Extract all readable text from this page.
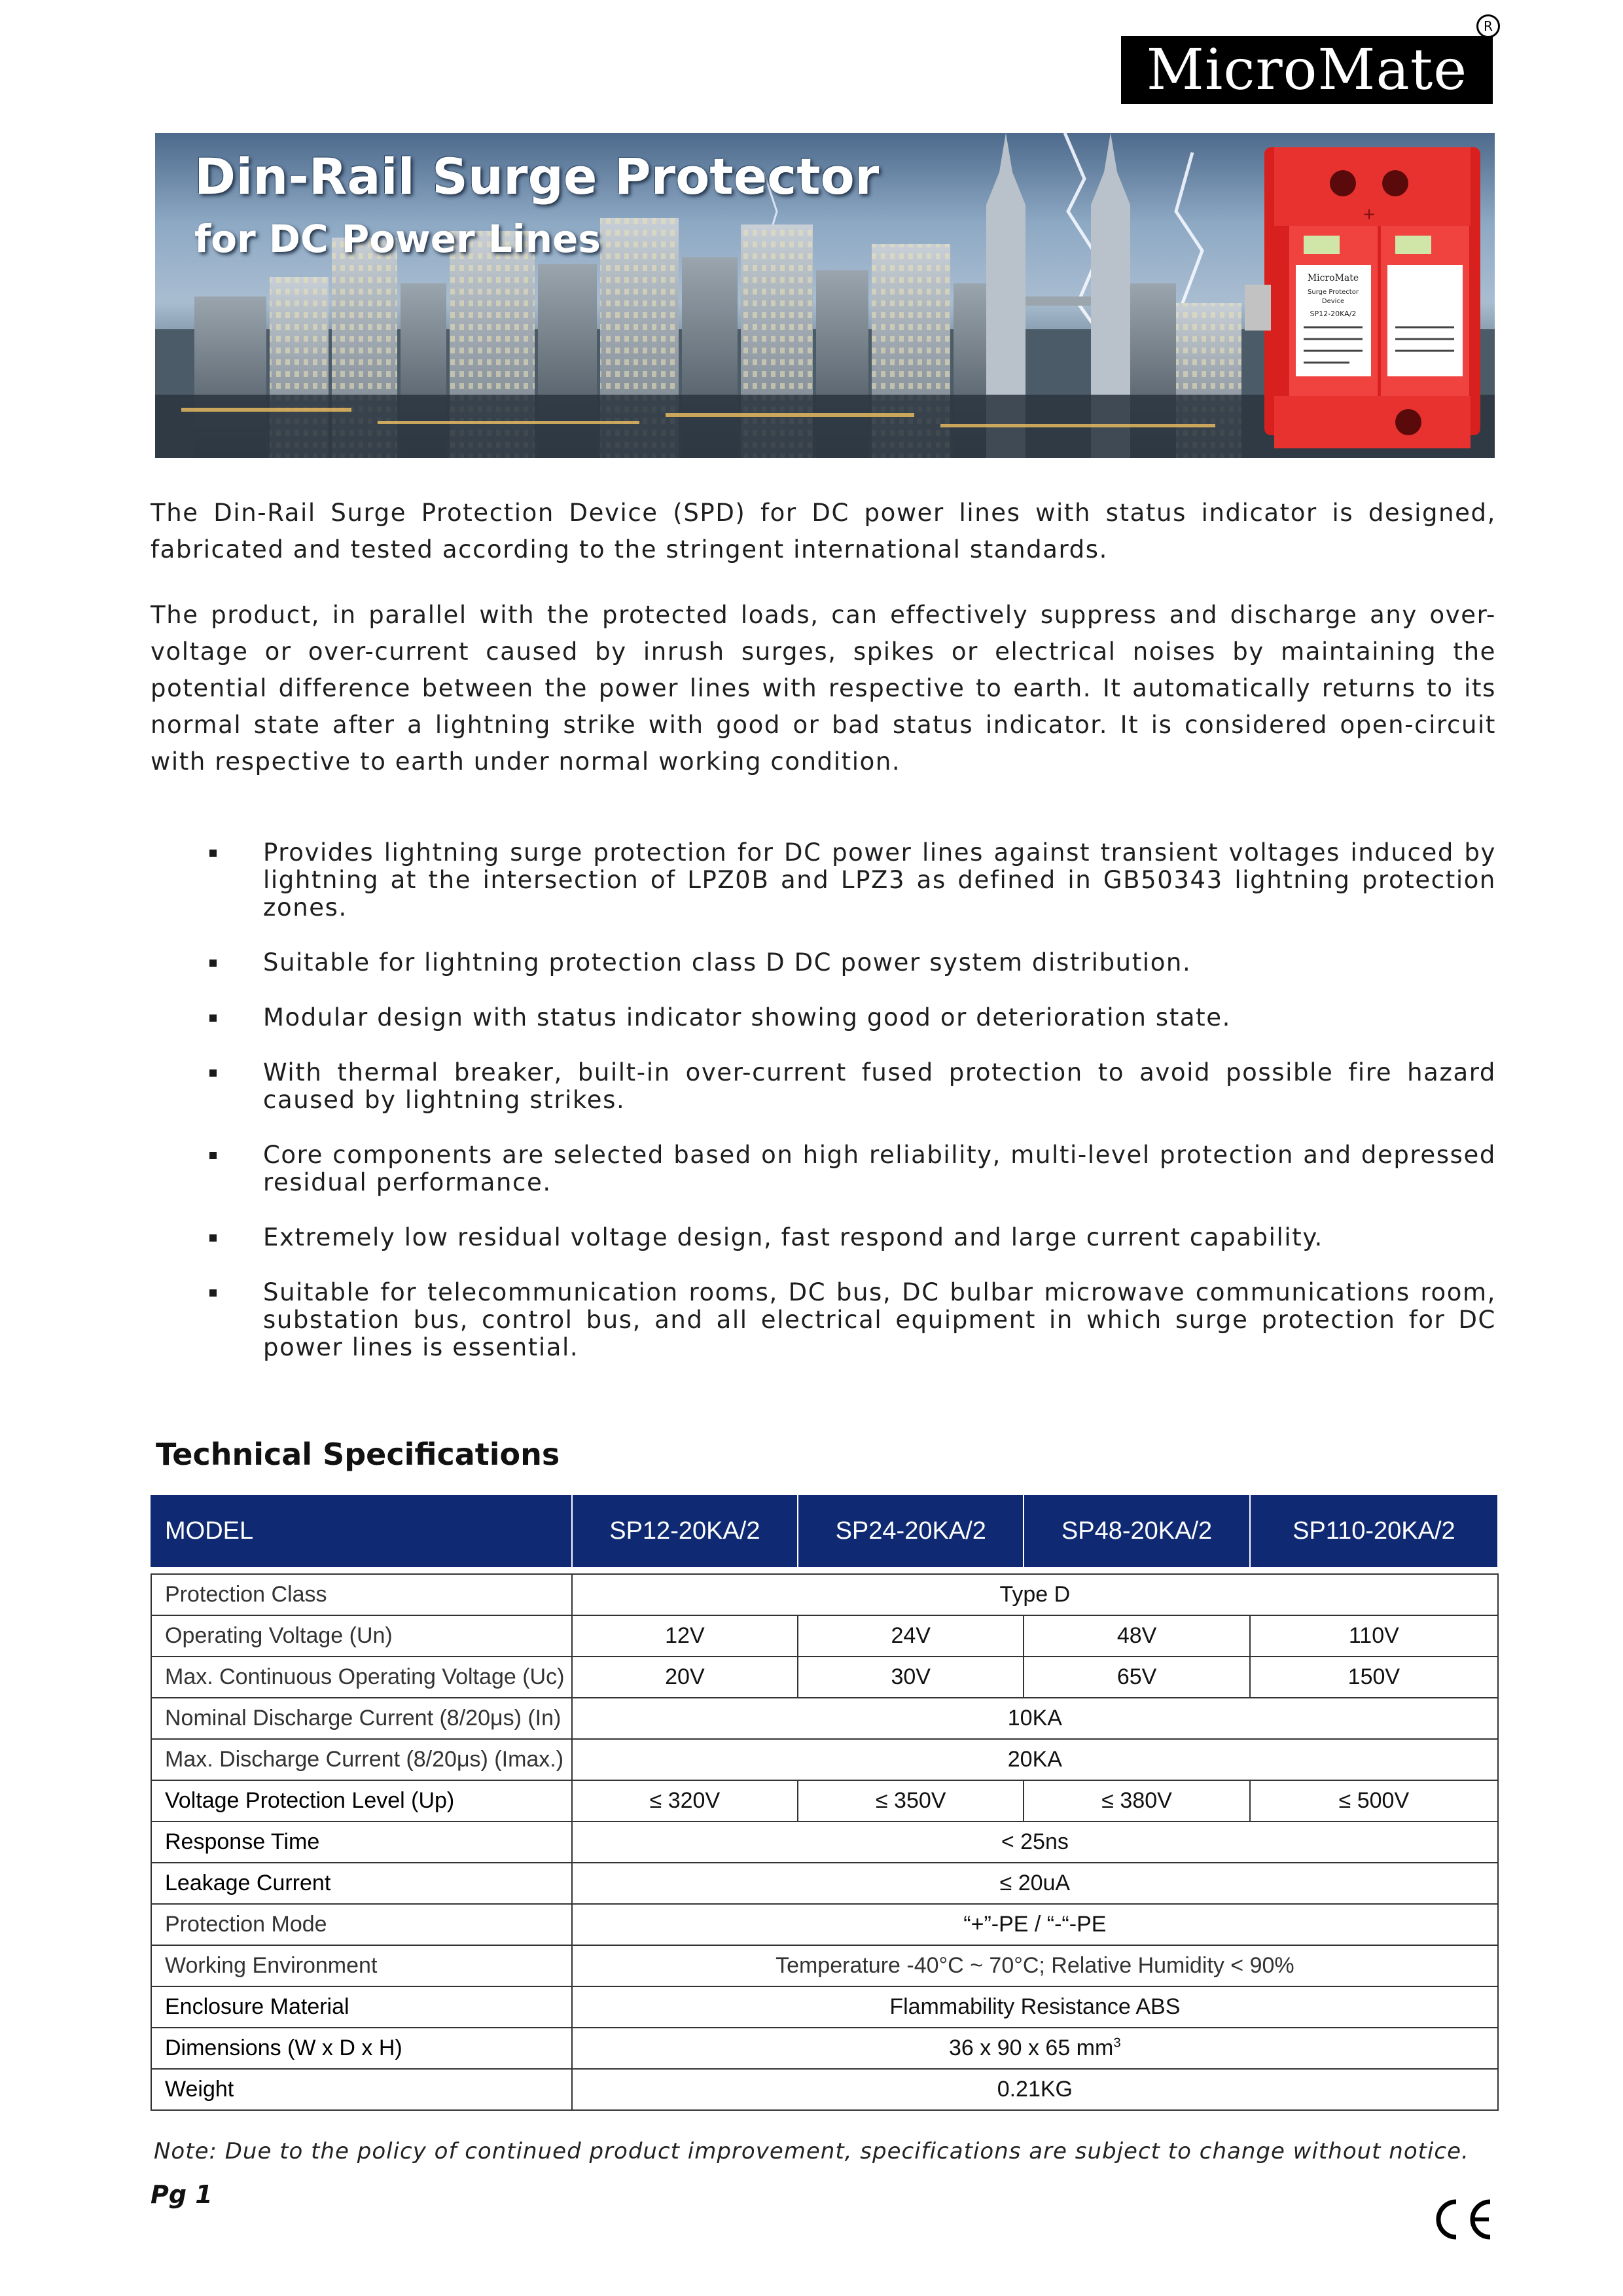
MicroMate
R
Din-Rail Surge Protector
for DC Power Lines
+
MicroMate
Surge Protector
Device
SP12-20KA/2

The Din-Rail Surge Protection Device (SPD) for DC power lines with status indicator is designed, fabricated and tested according to the stringent international standards.

The product, in parallel with the protected loads, can effectively suppress and discharge any over-voltage or over-current caused by inrush surges, spikes or electrical noises by maintaining the potential difference between the power lines with respective to earth. It automatically returns to its normal state after a lightning strike with good or bad status indicator. It is considered open-circuit with respective to earth under normal working condition.

Provides lightning surge protection for DC power lines against transient voltages induced by lightning at the intersection of LPZ0B and LPZ3 as defined in GB50343 lightning protection zones.
Suitable for lightning protection class D DC power system distribution.
Modular design with status indicator showing good or deterioration state.
With thermal breaker, built-in over-current fused protection to avoid possible fire hazard caused by lightning strikes.
Core components are selected based on high reliability, multi-level protection and depressed residual performance.
Extremely low residual voltage design, fast respond and large current capability.
Suitable for telecommunication rooms, DC bus, DC bulbar microwave communications room, substation bus, control bus, and all electrical equipment in which surge protection for DC power lines is essential.
Technical Specifications
MODEL	SP12-20KA/2	SP24-20KA/2	SP48-20KA/2	SP110-20KA/2

Protection Class	Type D			
Operating Voltage (Un)	12V	24V	48V	110V
Max. Continuous Operating Voltage (Uc)	20V	30V	65V	150V
Nominal Discharge Current (8/20μs) (In)	10KA			
Max. Discharge Current (8/20μs) (Imax.)	20KA			
Voltage Protection Level (Up)	≤ 320V	≤ 350V	≤ 380V	≤ 500V
Response Time	< 25ns			
Leakage Current	≤ 20uA			
Protection Mode	“+”-PE / “-“-PE			
Working Environment	Temperature -40°C ~ 70°C; Relative Humidity < 90%			
Enclosure Material	Flammability Resistance ABS			
Dimensions (W x D x H)	36 x 90 x 65 $mm^3$
Weight	0.21KG			
Note: Due to the policy of continued product improvement, specifications are subject to change without notice.
Pg 1
CE
